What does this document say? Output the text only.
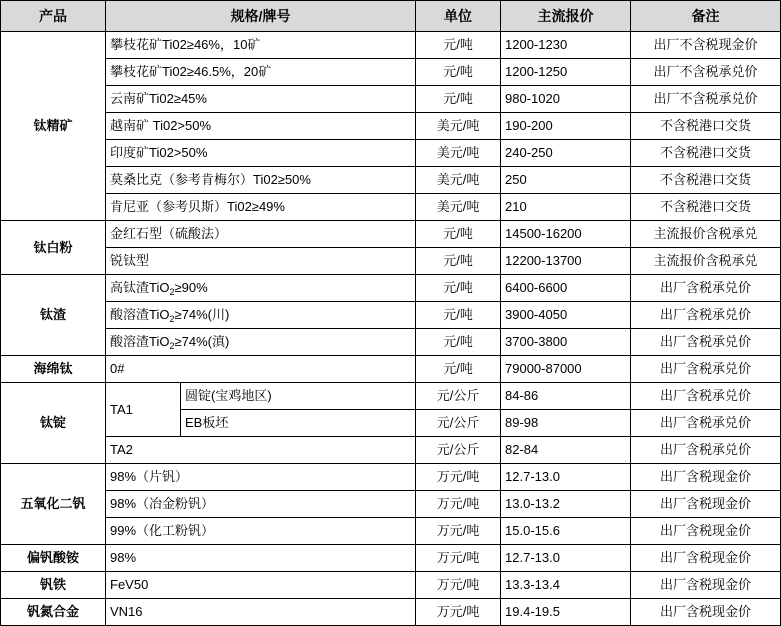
产品	规格/牌号		单位	主流报价	备注
钛精矿	攀枝花矿Ti02≥46%，10矿		元/吨	1200-1230	出厂不含税现金价
	攀枝花矿Ti02≥46.5%，20矿		元/吨	1200-1250	出厂不含税承兑价
	云南矿Ti02≥45%		元/吨	980-1020	出厂不含税承兑价
	越南矿 Ti02>50%		美元/吨	190-200	不含税港口交货
	印度矿Ti02>50%		美元/吨	240-250	不含税港口交货
	莫桑比克（参考肯梅尔）Ti02≥50%		美元/吨	250	不含税港口交货
	肯尼亚（参考贝斯）Ti02≥49%		美元/吨	210	不含税港口交货
钛白粉	金红石型（硫酸法）		元/吨	14500-16200	主流报价含税承兑
	锐钛型		元/吨	12200-13700	主流报价含税承兑
钛渣	高钛渣TiO$_2$≥90%		元/吨	6400-6600	出厂含税承兑价
	酸溶渣TiO$_2$≥74%(川)		元/吨	3900-4050	出厂含税承兑价
	酸溶渣TiO$_2$≥74%(滇)		元/吨	3700-3800	出厂含税承兑价
海绵钛	0#		元/吨	79000-87000	出厂含税承兑价
钛锭	TA1	圆锭(宝鸡地区)	元/公斤	84-86	出厂含税承兑价
		EB板坯	元/公斤	89-98	出厂含税承兑价
	TA2		元/公斤	82-84	出厂含税承兑价
五氧化二钒	98%（片钒）		万元/吨	12.7-13.0	出厂含税现金价
	98%（冶金粉钒）		万元/吨	13.0-13.2	出厂含税现金价
	99%（化工粉钒）		万元/吨	15.0-15.6	出厂含税现金价
偏钒酸铵	98%		万元/吨	12.7-13.0	出厂含税现金价
钒铁	FeV50		万元/吨	13.3-13.4	出厂含税现金价
钒氮合金	VN16		万元/吨	19.4-19.5	出厂含税现金价
